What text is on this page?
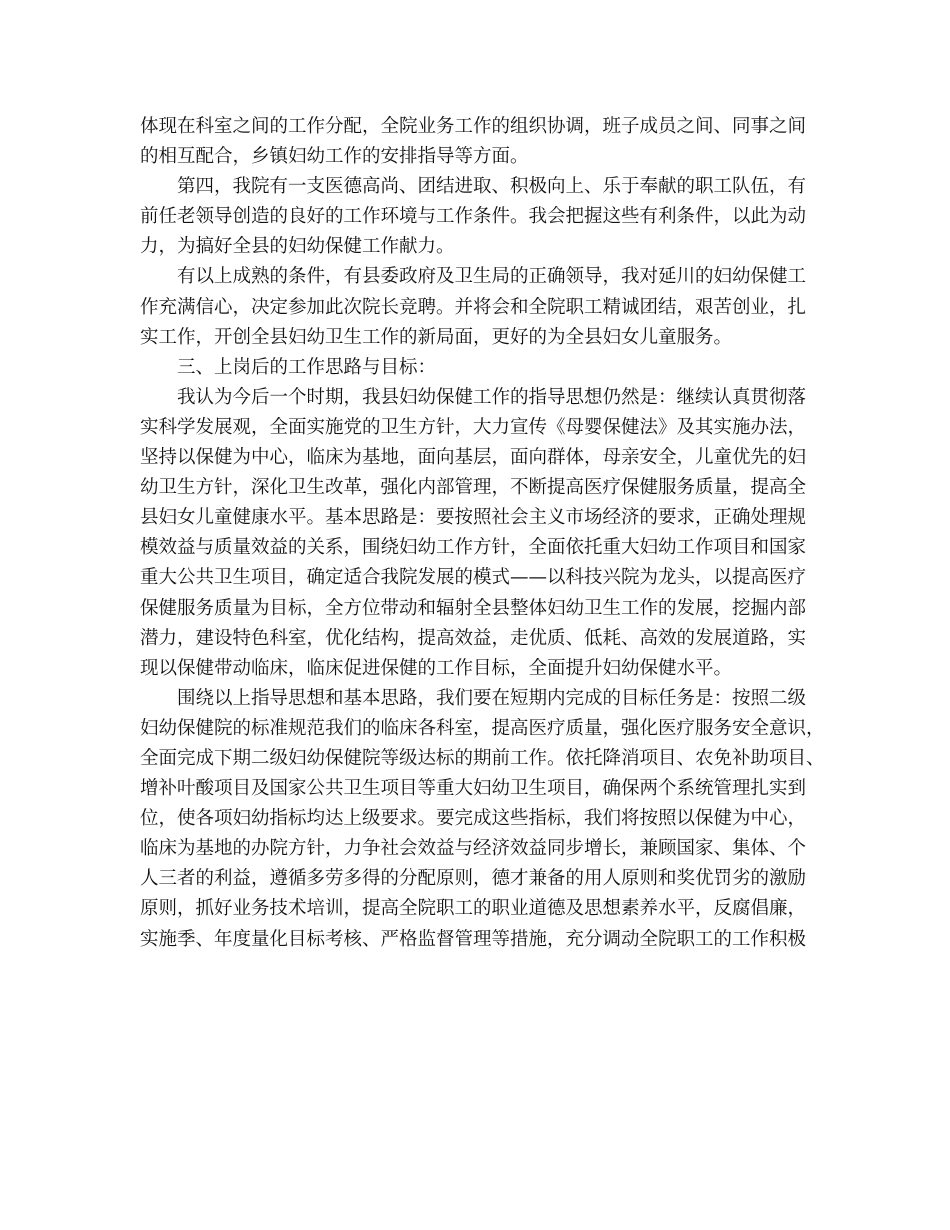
体现在科室之间的工作分配，全院业务工作的组织协调，班子成员之间、同事之间
的相互配合，乡镇妇幼工作的安排指导等方面。
第四，我院有一支医德高尚、团结进取、积极向上、乐于奉献的职工队伍，有
前任老领导创造的良好的工作环境与工作条件。我会把握这些有利条件，以此为动
力，为搞好全县的妇幼保健工作献力。
有以上成熟的条件，有县委政府及卫生局的正确领导，我对延川的妇幼保健工
作充满信心，决定参加此次院长竞聘。并将会和全院职工精诚团结，艰苦创业，扎
实工作，开创全县妇幼卫生工作的新局面，更好的为全县妇女儿童服务。
三、上岗后的工作思路与目标：
我认为今后一个时期，我县妇幼保健工作的指导思想仍然是：继续认真贯彻落
实科学发展观，全面实施党的卫生方针，大力宣传《母婴保健法》及其实施办法，
坚持以保健为中心，临床为基地，面向基层，面向群体，母亲安全，儿童优先的妇
幼卫生方针，深化卫生改革，强化内部管理，不断提高医疗保健服务质量，提高全
县妇女儿童健康水平。基本思路是：要按照社会主义市场经济的要求，正确处理规
模效益与质量效益的关系，围绕妇幼工作方针，全面依托重大妇幼工作项目和国家
重大公共卫生项目，确定适合我院发展的模式——以科技兴院为龙头，以提高医疗
保健服务质量为目标，全方位带动和辐射全县整体妇幼卫生工作的发展，挖掘内部
潜力，建设特色科室，优化结构，提高效益，走优质、低耗、高效的发展道路，实
现以保健带动临床，临床促进保健的工作目标，全面提升妇幼保健水平。
围绕以上指导思想和基本思路，我们要在短期内完成的目标任务是：按照二级
妇幼保健院的标准规范我们的临床各科室，提高医疗质量，强化医疗服务安全意识，
全面完成下期二级妇幼保健院等级达标的期前工作。依托降消项目、农免补助项目、
增补叶酸项目及国家公共卫生项目等重大妇幼卫生项目，确保两个系统管理扎实到
位，使各项妇幼指标均达上级要求。要完成这些指标，我们将按照以保健为中心，
临床为基地的办院方针，力争社会效益与经济效益同步增长，兼顾国家、集体、个
人三者的利益，遵循多劳多得的分配原则，德才兼备的用人原则和奖优罚劣的激励
原则，抓好业务技术培训，提高全院职工的职业道德及思想素养水平，反腐倡廉，
实施季、年度量化目标考核、严格监督管理等措施，充分调动全院职工的工作积极
